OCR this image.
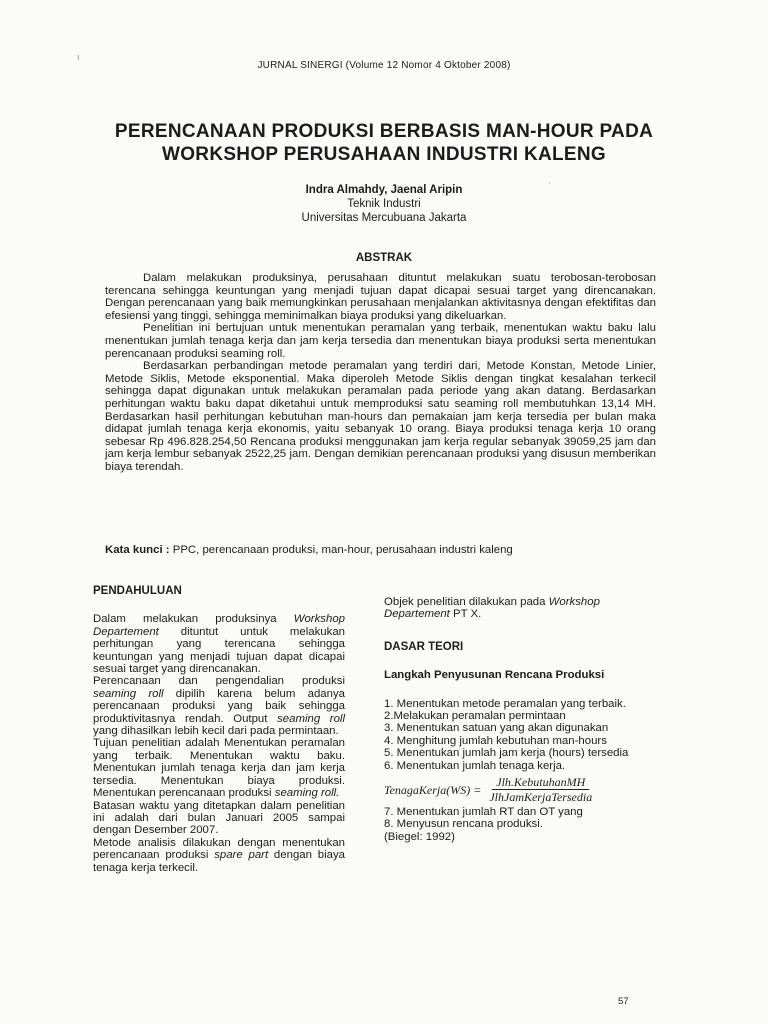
ı
·
JURNAL SINERGI (Volume 12 Nomor 4 Oktober 2008)
PERENCANAAN PRODUKSI BERBASIS MAN-HOUR PADA WORKSHOP PERUSAHAAN INDUSTRI KALENG
Indra Almahdy, Jaenal Aripin
Teknik Industri
Universitas Mercubuana Jakarta
ABSTRAK

Dalam melakukan produksinya, perusahaan dituntut melakukan suatu terobosan-terobosan terencana sehingga keuntungan yang menjadi tujuan dapat dicapai sesuai target yang direncanakan. Dengan perencanaan yang baik memungkinkan perusahaan menjalankan aktivitasnya dengan efektifitas dan efesiensi yang tinggi, sehingga meminimalkan biaya produksi yang dikeluarkan.

Penelitian ini bertujuan untuk menentukan peramalan yang terbaik, menentukan waktu baku lalu menentukan jumlah tenaga kerja dan jam kerja tersedia dan menentukan biaya produksi serta menentukan perencanaan produksi seaming roll.

Berdasarkan perbandingan metode peramalan yang terdiri dari, Metode Konstan, Metode Linier, Metode Siklis, Metode eksponential. Maka diperoleh Metode Siklis dengan tingkat kesalahan terkecil sehingga dapat digunakan untuk melakukan peramalan pada periode yang akan datang. Berdasarkan perhitungan waktu baku dapat diketahui untuk memproduksi satu seaming roll membutuhkan 13,14 MH. Berdasarkan hasil perhitungan kebutuhan man-hours dan pemakaian jam kerja tersedia per bulan maka didapat jumlah tenaga kerja ekonomis, yaitu sebanyak 10 orang. Biaya produksi tenaga kerja 10 orang sebesar Rp 496.828.254,50 Rencana produksi menggunakan jam kerja regular sebanyak 39059,25 jam dan jam kerja lembur sebanyak 2522,25 jam. Dengan demikian perencanaan produksi yang disusun memberikan biaya terendah.

Kata kunci : PPC, perencanaan produksi, man-hour, perusahaan industri kaleng
PENDAHULUAN

Dalam melakukan produksinya Workshop Departement dituntut untuk melakukan perhitungan yang terencana sehingga keuntungan yang menjadi tujuan dapat dicapai sesuai target yang direncanakan.

Perencanaan dan pengendalian produksi seaming roll dipilih karena belum adanya perencanaan produksi yang baik sehingga produktivitasnya rendah. Output seaming roll yang dihasilkan lebih kecil dari pada permintaan.

Tujuan penelitian adalah Menentukan peramalan yang terbaik. Menentukan waktu baku. Menentukan jumlah tenaga kerja dan jam kerja tersedia. Menentukan biaya produksi. Menentukan perencanaan produksi seaming roll.

Batasan waktu yang ditetapkan dalam penelitian ini adalah dari bulan Januari 2005 sampai dengan Desember 2007.

Metode analisis dilakukan dengan menentukan perencanaan produksi spare part dengan biaya tenaga kerja terkecil.

Objek penelitian dilakukan pada Workshop Departement PT X.

DASAR TEORI
Langkah Penyusunan Rencana Produksi
1. Menentukan metode peramalan yang terbaik.
2.Melakukan peramalan permintaan
3. Menentukan satuan yang akan digunakan
4. Menghitung jumlah kebutuhan man-hours
5. Menentukan jumlah jam kerja (hours) tersedia
6. Menentukan jumlah tenaga kerja.
TenagaKerja(WS) = $\frac{\text{Jlh.KebutuhanMH}}{\text{JlhJamKerjaTersedia}}$
7. Menentukan jumlah RT dan OT yang
8. Menyusun rencana produksi.

(Biegel: 1992)

57
